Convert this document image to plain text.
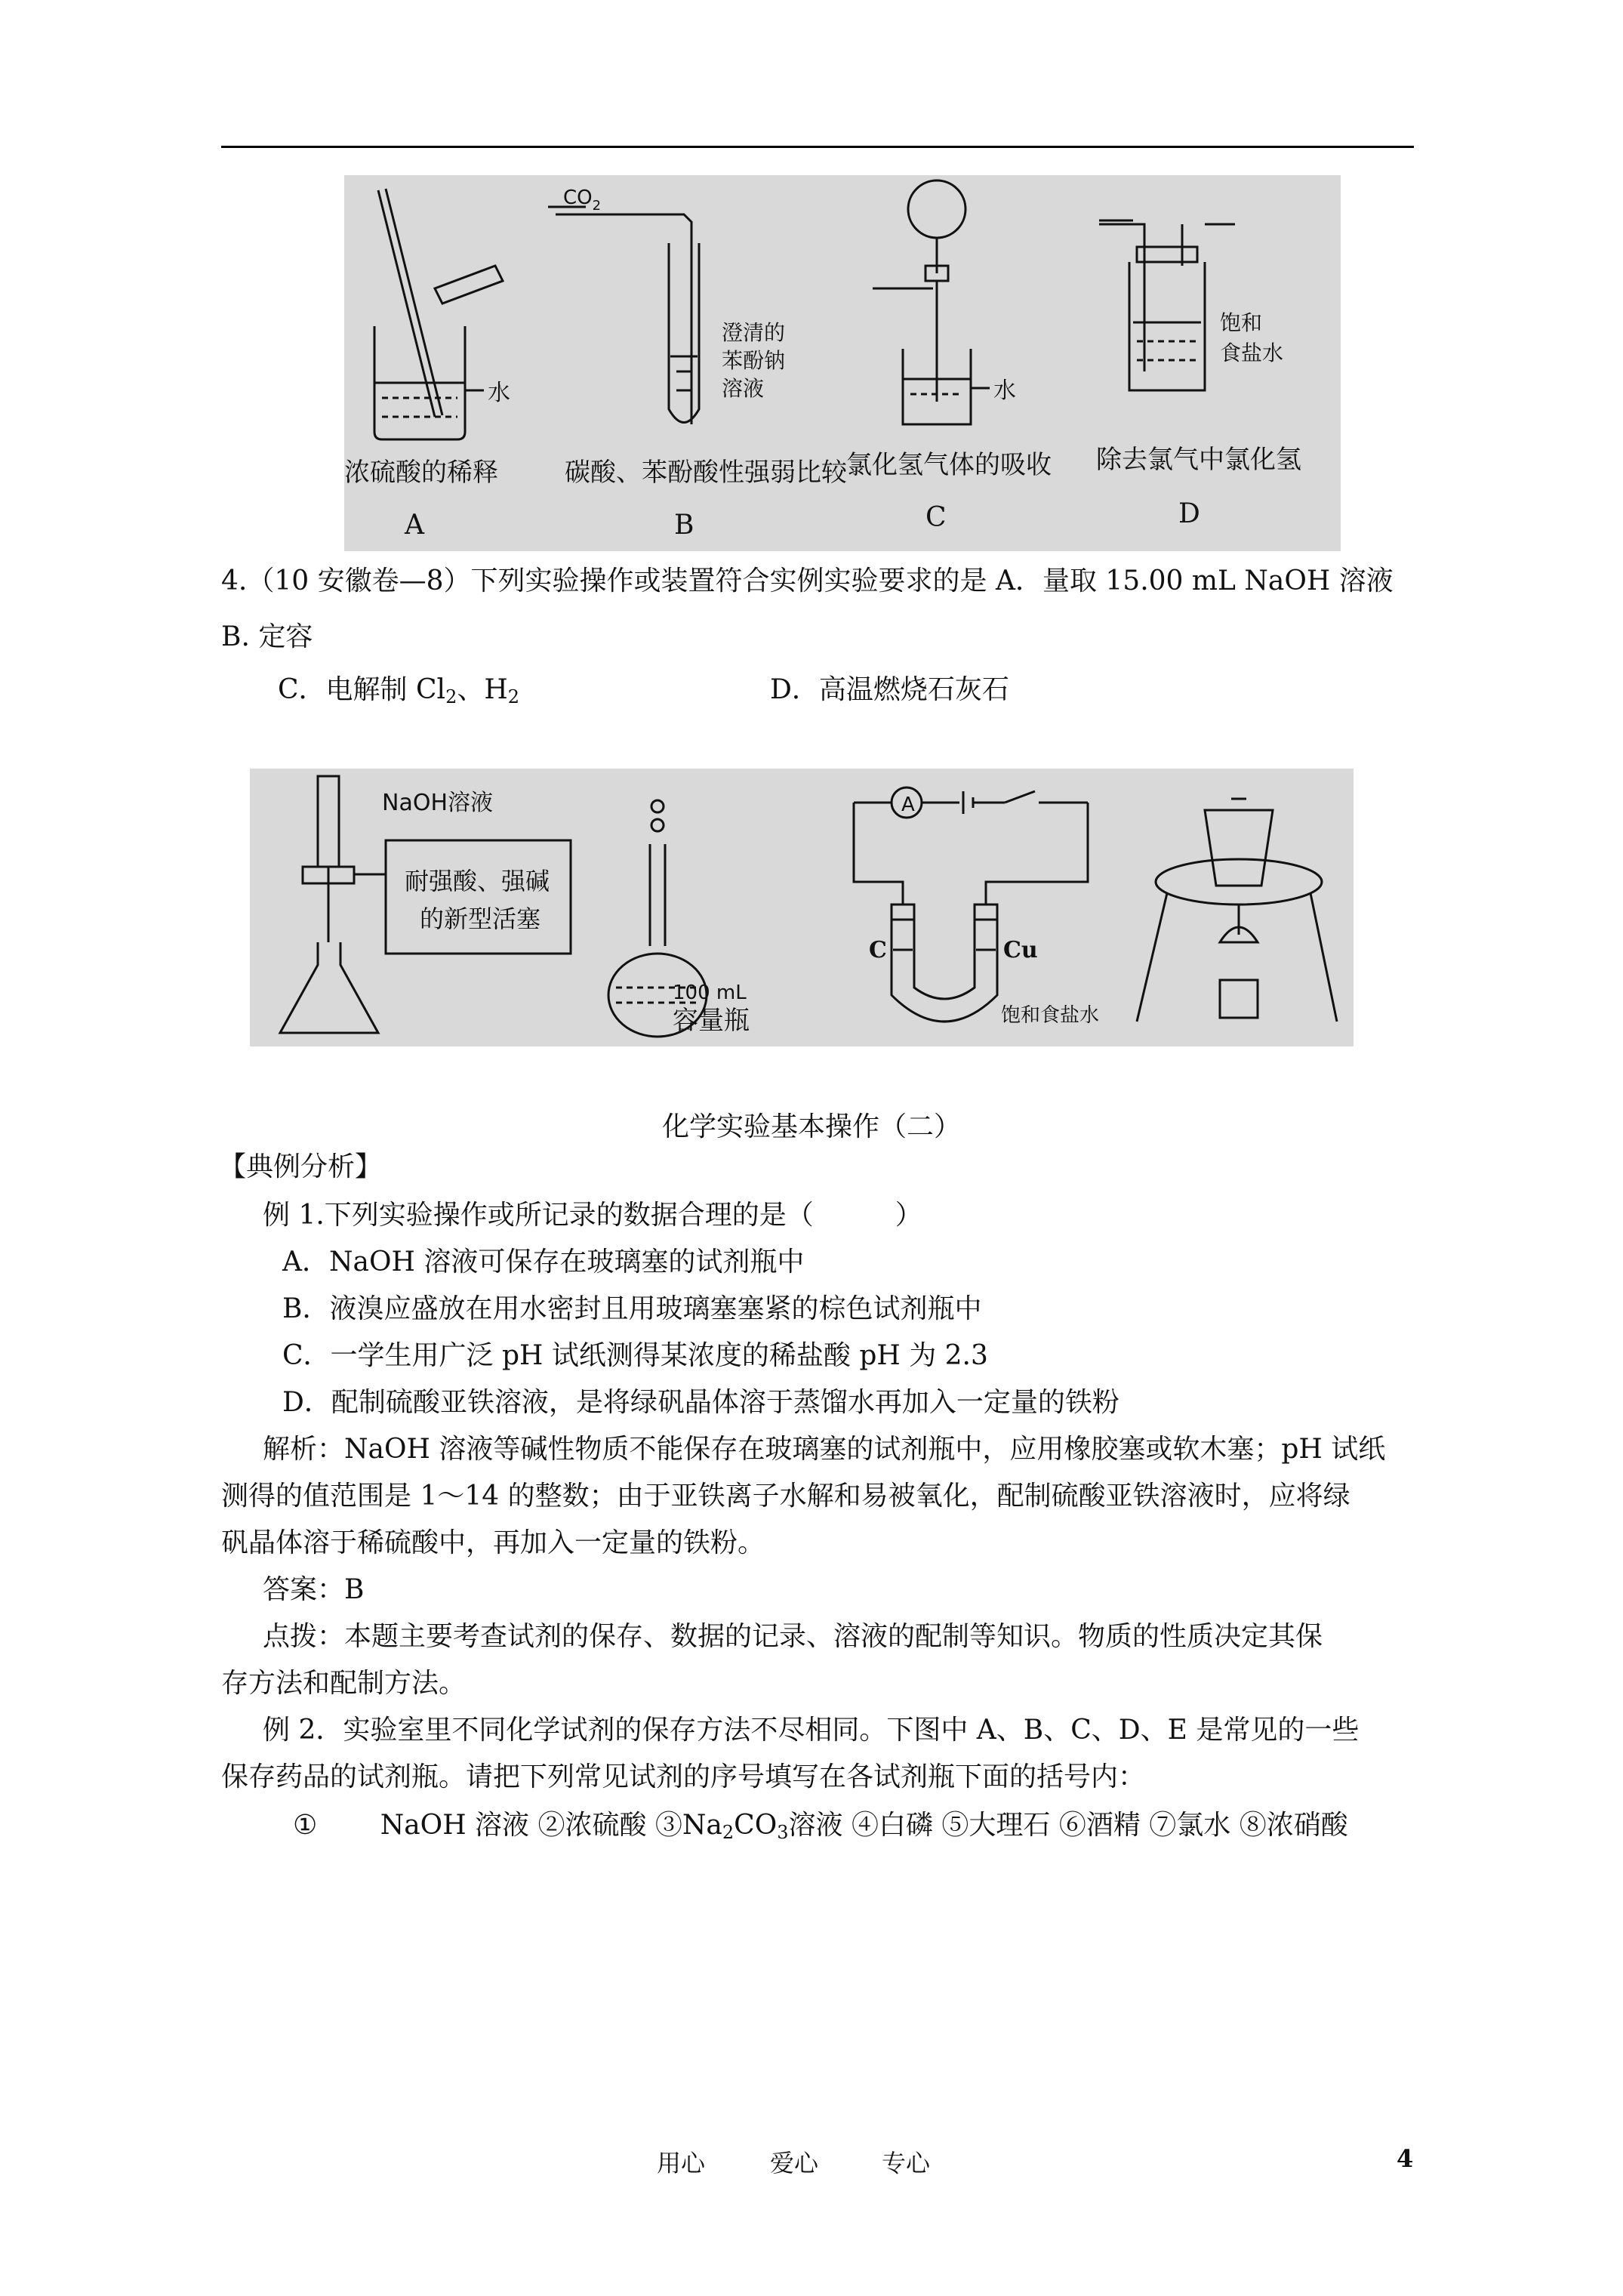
水
浓硫酸的稀释
A
$CO_2$
澄清的
苯酚钠
溶液
碳酸、苯酚酸性强弱比较
B
水
氯化氢气体的吸收
C
饱和
食盐水
除去氯气中氯化氢
D
4.（10 安徽卷—8）下列实验操作或装置符合实例实验要求的是 A．量取 15.00 mL NaOH 溶液
B. 定容
C．电解制 $Cl_2$、$H_2$	D．高温燃烧石灰石
NaOH溶液
耐强酸、强碱
的新型活塞
100 mL
容量瓶
C	Cu
饱和食盐水
A
化学实验基本操作（二）
【典例分析】
例 1.下列实验操作或所记录的数据合理的是（　　　）
A．NaOH 溶液可保存在玻璃塞的试剂瓶中
B．液溴应盛放在用水密封且用玻璃塞塞紧的棕色试剂瓶中
C．一学生用广泛 pH 试纸测得某浓度的稀盐酸 pH 为 2.3
D．配制硫酸亚铁溶液，是将绿矾晶体溶于蒸馏水再加入一定量的铁粉
解析：NaOH 溶液等碱性物质不能保存在玻璃塞的试剂瓶中，应用橡胶塞或软木塞；pH 试纸
测得的值范围是 1～14 的整数；由于亚铁离子水解和易被氧化，配制硫酸亚铁溶液时，应将绿
矾晶体溶于稀硫酸中，再加入一定量的铁粉。
答案：B
点拨：本题主要考查试剂的保存、数据的记录、溶液的配制等知识。物质的性质决定其保
存方法和配制方法。
例 2．实验室里不同化学试剂的保存方法不尽相同。下图中 A、B、C、D、E 是常见的一些
保存药品的试剂瓶。请把下列常见试剂的序号填写在各试剂瓶下面的括号内：
①　　 NaOH 溶液 ②浓硫酸 $③Na_2CO_3$溶液 ④白磷 ⑤大理石 ⑥酒精 ⑦氯水 ⑧浓硝酸
用心	爱心	专心	4
